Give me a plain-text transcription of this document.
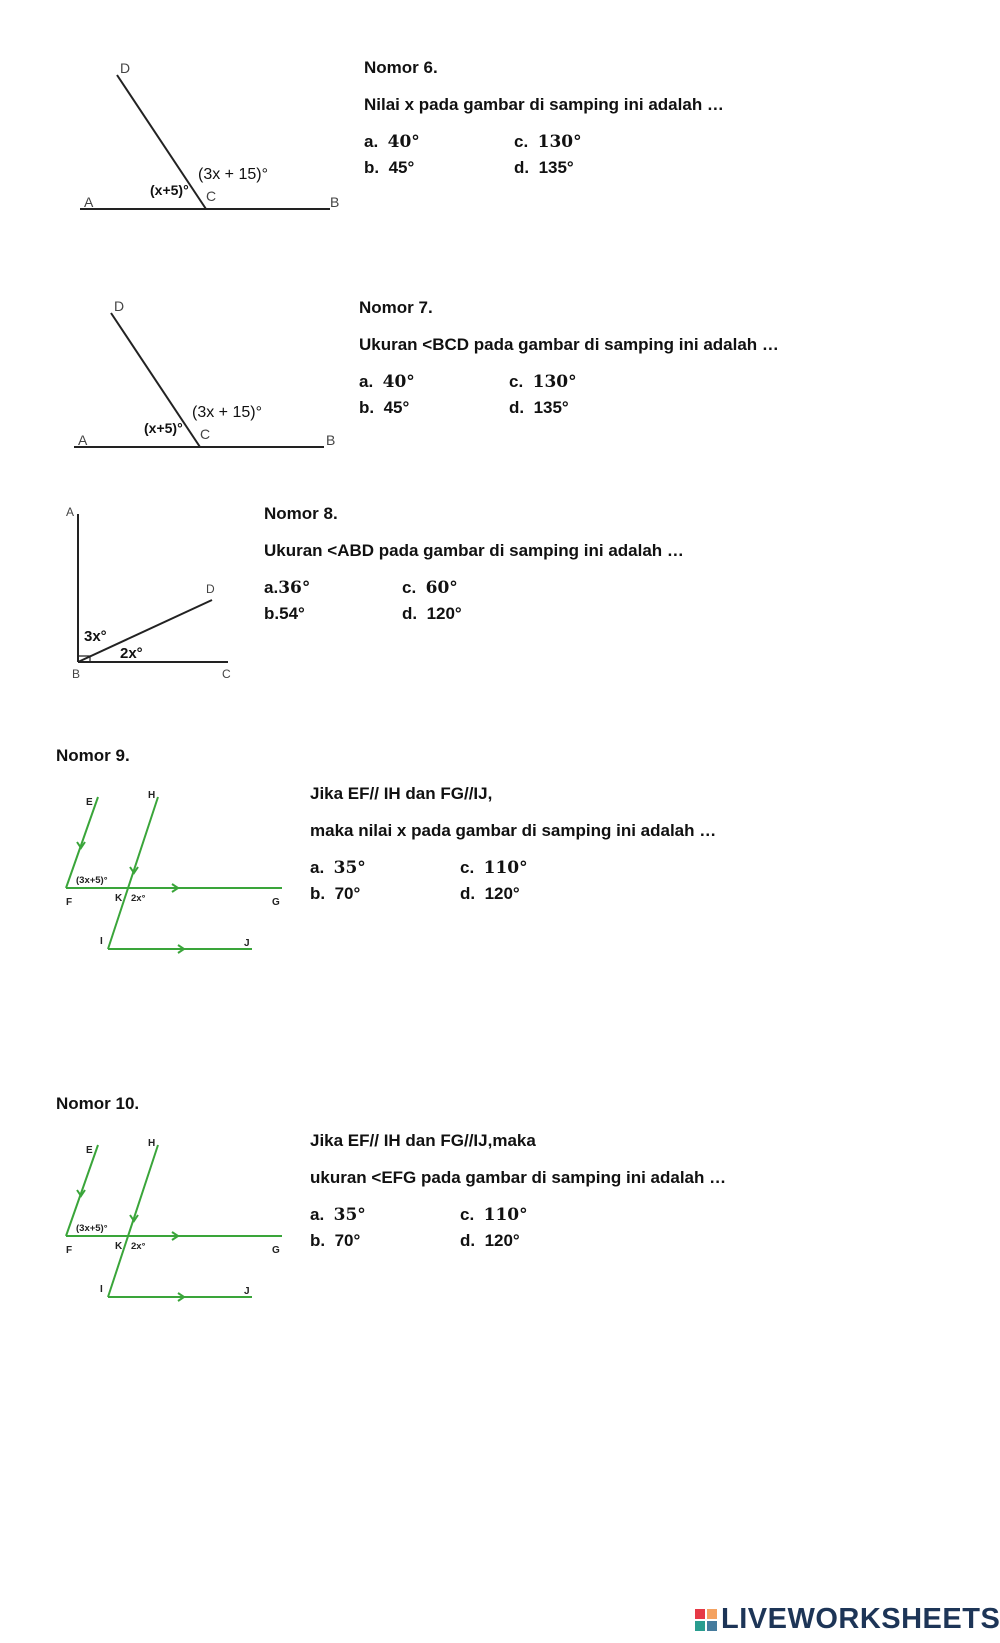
D
A	B
C
(x+5)°
(3x + 15)°
Nomor 6.
Nilai x pada gambar di samping ini adalah …
a. 40°	c. 130°
b. 45°	d. 135°
D
A	B
C
(x+5)°
(3x + 15)°
Nomor 7.
Ukuran <BCD pada gambar di samping ini adalah …
a. 40°	c. 130°
b. 45°	d. 135°
A
B	C
D
3x°
2x°
Nomor 8.
Ukuran <ABD pada gambar di samping ini adalah …
a.36°	c. 60°
b.54°	d. 120°
Nomor 9.
E
H
F	K	G
I	J
(3x+5)°
2x°
Jika EF// IH dan FG//IJ,
maka nilai x pada gambar di samping ini adalah …
a. 35°	c. 110°
b. 70°	d. 120°
Nomor 10.
E
H
F	K	G
I	J
(3x+5)°
2x°
Jika EF// IH dan FG//IJ,maka
ukuran <EFG pada gambar di samping ini adalah …
a. 35°	c. 110°
b. 70°	d. 120°
LIVEWORKSHEETS
